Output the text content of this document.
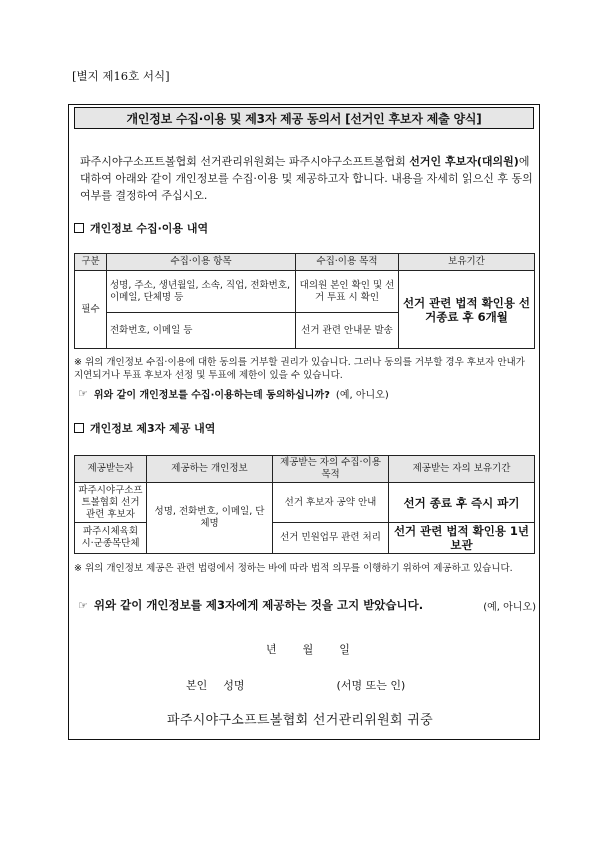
[별지 제16호 서식]
개인정보 수집·이용 및 제3자 제공 동의서 [선거인 후보자 제출 양식]
파주시야구소프트볼협회 선거관리위원회는 파주시야구소프트볼협회 선거인 후보자(대의원)에 대하여 아래와 같이 개인정보를 수집·이용 및 제공하고자 합니다. 내용을 자세히 읽으신 후 동의 여부를 결정하여 주십시오.
개인정보 수집·이용 내역
구분	수집·이용 항목	수집·이용 목적	보유기간
필수	성명, 주소, 생년월일, 소속, 직업, 전화번호, 이메일, 단체명 등	대의원 본인 확인 및 선거 투표 시 확인	선거 관련 법적 확인용 선거종료 후 6개월
	전화번호, 이메일 등	선거 관련 안내문 발송	
※ 위의 개인정보 수집·이용에 대한 동의를 거부할 권리가 있습니다. 그러나 동의를 거부할 경우 후보자 안내가 지연되거나 투표 후보자 선정 및 투표에 제한이 있을 수 있습니다.
☞ 위와 같이 개인정보를 수집·이용하는데 동의하십니까? (예, 아니오)
개인정보 제3자 제공 내역
제공받는자	제공하는 개인정보	제공받는 자의 수집·이용 목적	제공받는 자의 보유기간
파주시야구소프트볼협회 선거 관련 후보자	성명, 전화번호, 이메일, 단체명	선거 후보자 공약 안내	선거 종료 후 즉시 파기
파주시체육회 시·군종목단체		선거 민원업무 관련 처리	선거 관련 법적 확인용 1년 보관
※ 위의 개인정보 제공은 관련 법령에서 정하는 바에 따라 법적 의무를 이행하기 위하여 제공하고 있습니다.
☞ 위와 같이 개인정보를 제3자에게 제공하는 것을 고지 받았습니다.	(예, 아니오)
년 월 일
본인 성명	(서명 또는 인)
파주시야구소프트볼협회 선거관리위원회 귀중
